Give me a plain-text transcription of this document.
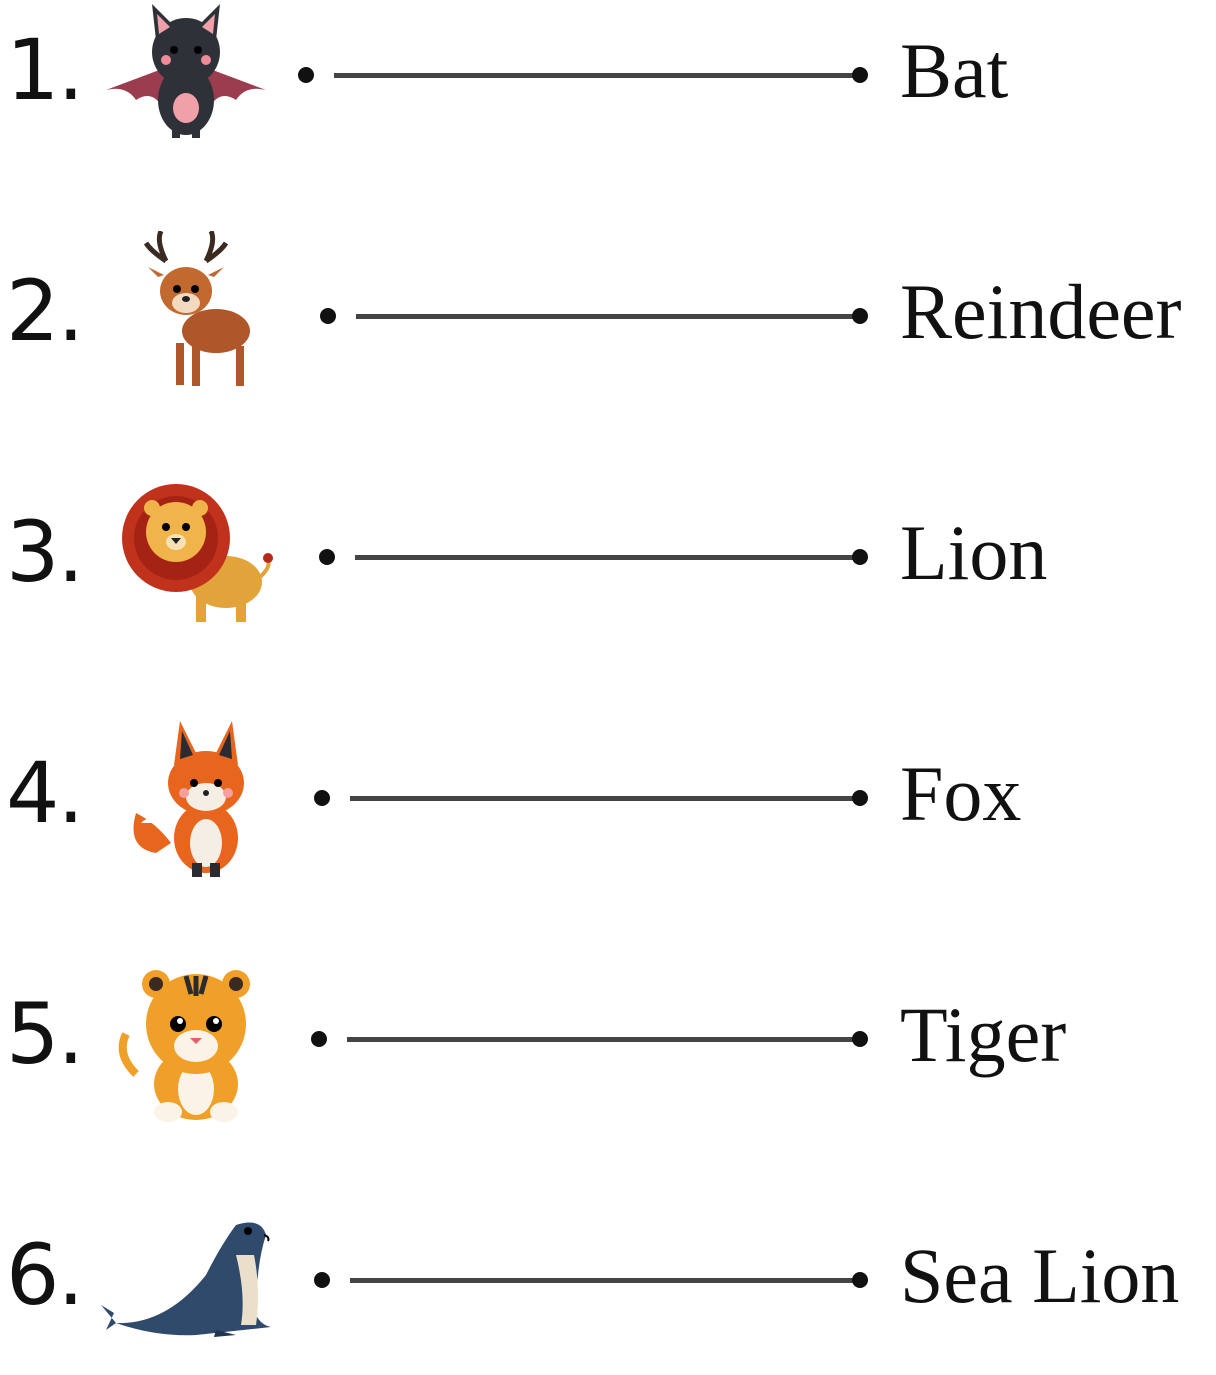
1.	Bat
2.	Reindeer
3.	Lion
4.	Fox
5.	Tiger
6.	Sea Lion
